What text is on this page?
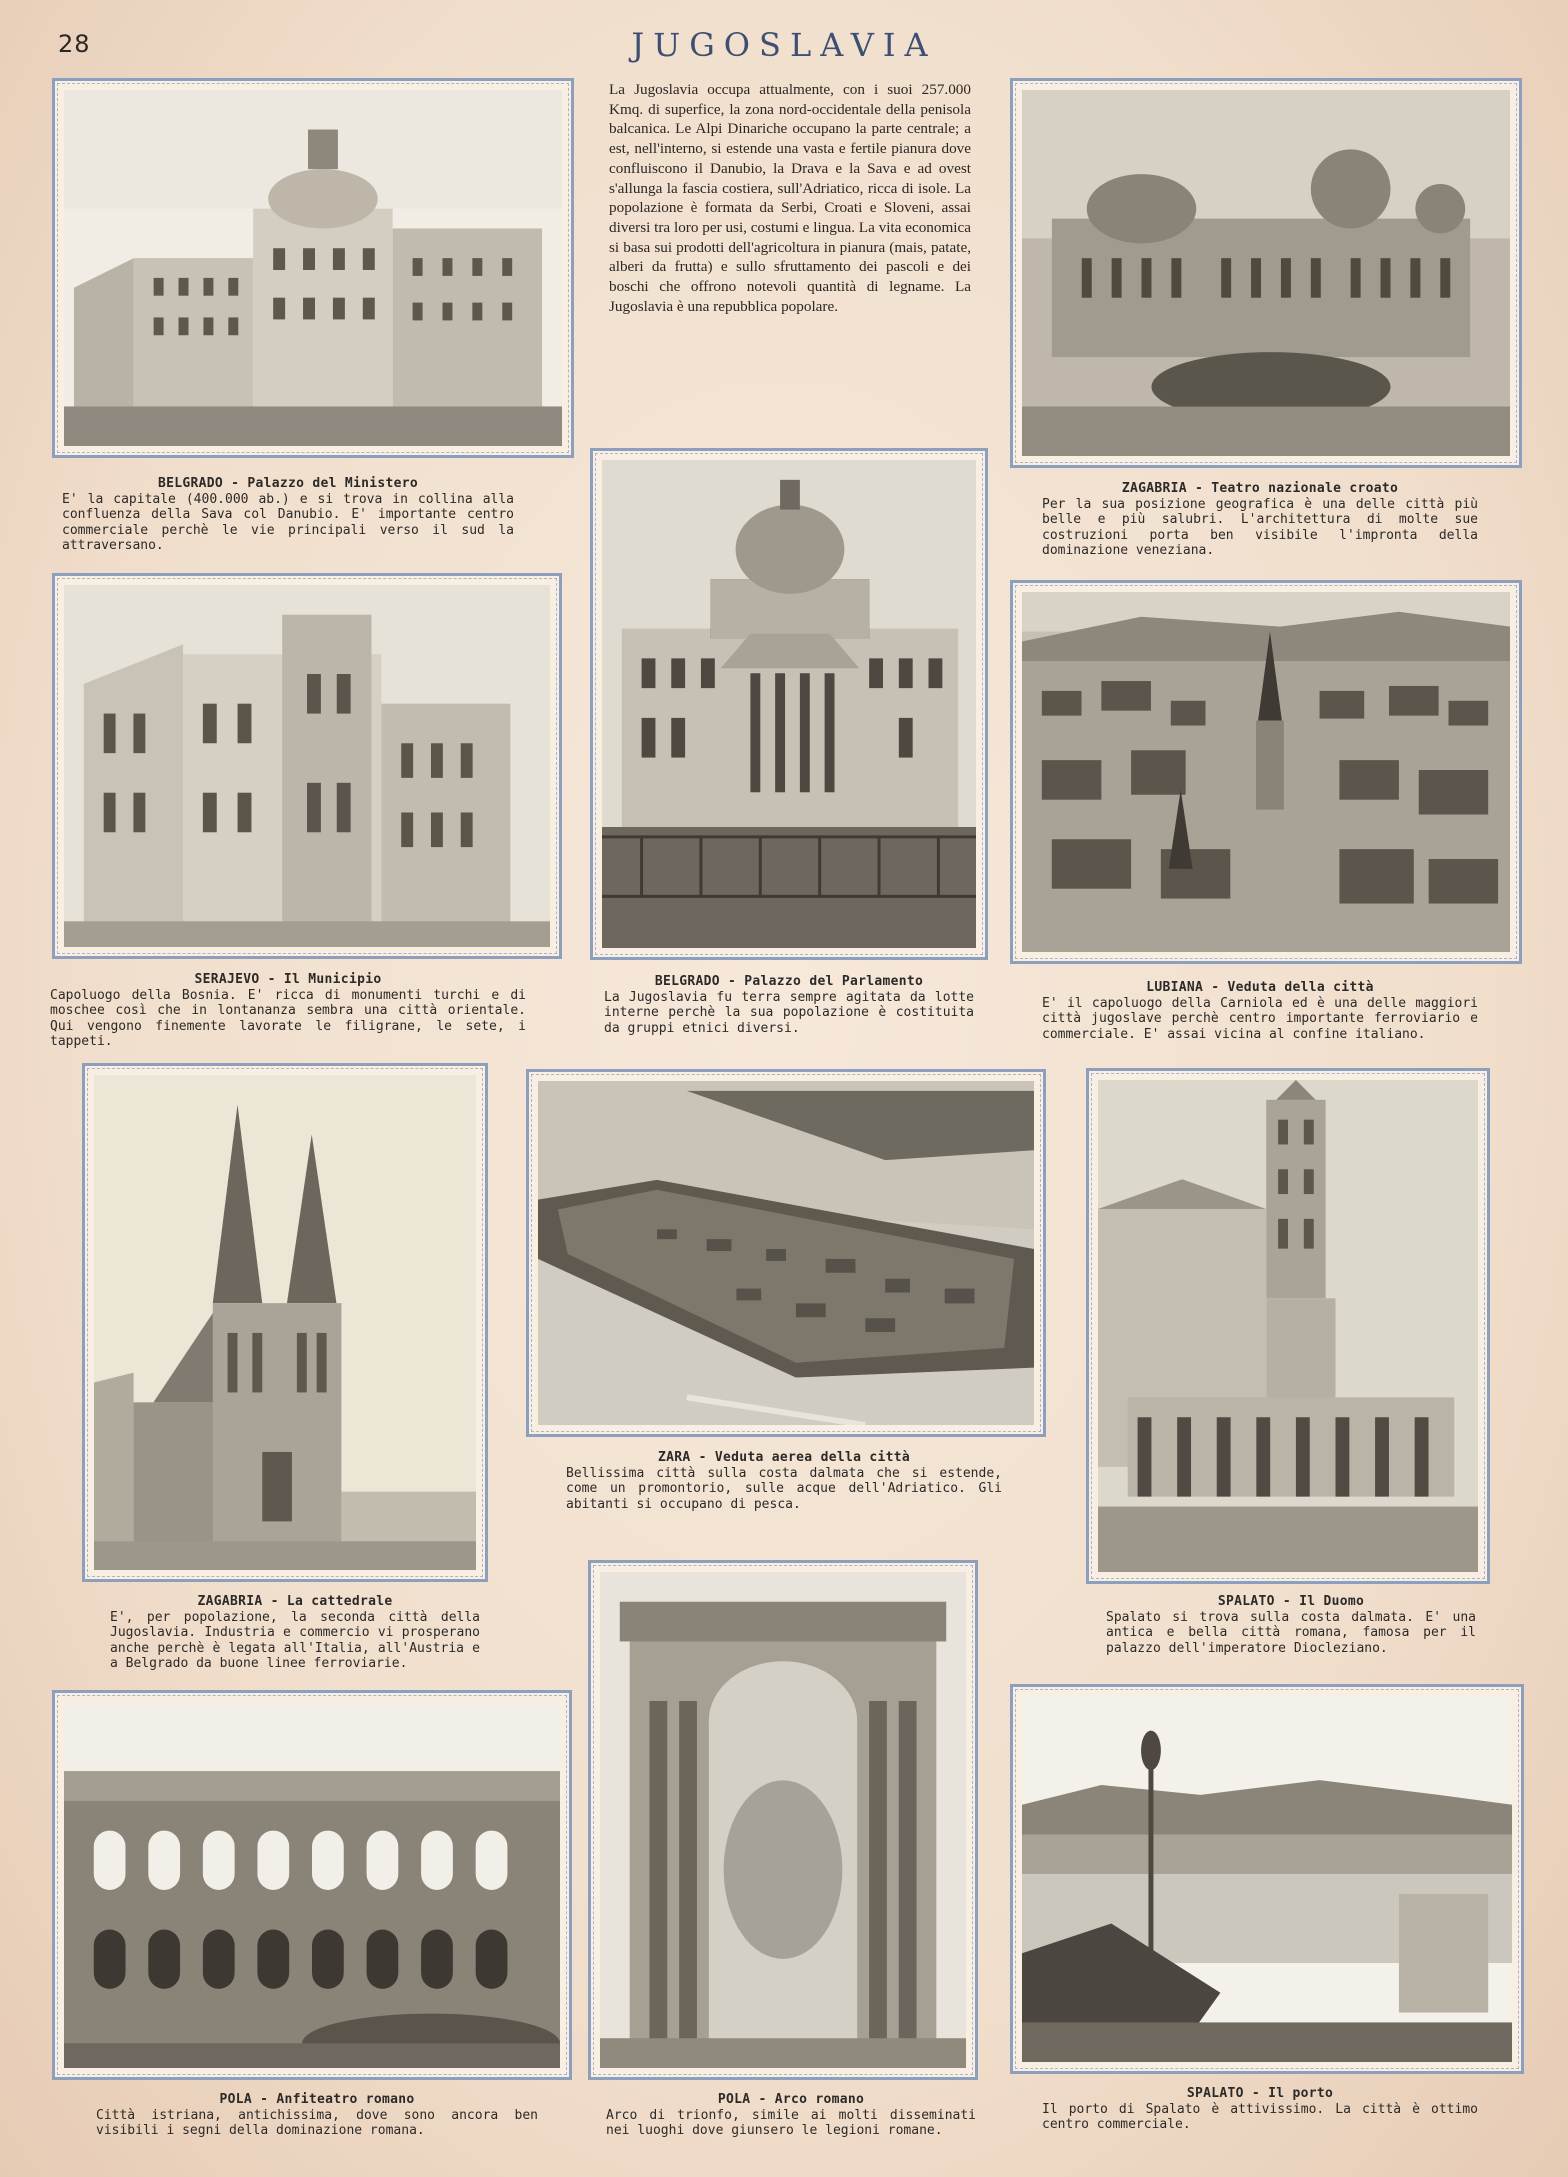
28	JUGOSLAVIA
La Jugoslavia occupa attualmente, con i suoi 257.000 Kmq. di superfice, la zona nord-occidentale della penisola balcanica. Le Alpi Dinariche occupano la parte centrale; a est, nell'interno, si estende una vasta e fertile pianura dove confluiscono il Danubio, la Drava e la Sava e ad ovest s'allunga la fascia costiera, sull'Adriatico, ricca di isole. La popolazione è formata da Serbi, Croati e Sloveni, assai diversi tra loro per usi, costumi e lingua. La vita economica si basa sui prodotti dell'agricoltura in pianura (mais, patate, alberi da frutta) e sullo sfruttamento dei pascoli e dei boschi che offrono notevoli quantità di legname. La Jugoslavia è una repubblica popolare.
BELGRADO - Palazzo del Ministero
E' la capitale (400.000 ab.) e si trova in collina alla confluenza della Sava col Danubio. E' importante centro commerciale perchè le vie principali verso il sud la attraversano.
ZAGABRIA - Teatro nazionale croato
Per la sua posizione geografica è una delle città più belle e più salubri. L'architettura di molte sue costruzioni porta ben visibile l'impronta della dominazione veneziana.
SERAJEVO - Il Municipio
Capoluogo della Bosnia. E' ricca di monumenti turchi e di moschee così che in lontananza sembra una città orientale. Qui vengono finemente lavorate le filigrane, le sete, i tappeti.
BELGRADO - Palazzo del Parlamento
La Jugoslavia fu terra sempre agitata da lotte interne perchè la sua popolazione è costituita da gruppi etnici diversi.
LUBIANA - Veduta della città
E' il capoluogo della Carniola ed è una delle maggiori città jugoslave perchè centro importante ferroviario e commerciale. E' assai vicina al confine italiano.
ZAGABRIA - La cattedrale
E', per popolazione, la seconda città della Jugoslavia. Industria e commercio vi prosperano anche perchè è legata all'Italia, all'Austria e a Belgrado da buone linee ferroviarie.
ZARA - Veduta aerea della città
Bellissima città sulla costa dalmata che si estende, come un promontorio, sulle acque dell'Adriatico. Gli abitanti si occupano di pesca.
SPALATO - Il Duomo
Spalato si trova sulla costa dalmata. E' una antica e bella città romana, famosa per il palazzo dell'imperatore Diocleziano.
POLA - Anfiteatro romano
Città istriana, antichissima, dove sono ancora ben visibili i segni della dominazione romana.
POLA - Arco romano
Arco di trionfo, simile ai molti disseminati nei luoghi dove giunsero le legioni romane.
SPALATO - Il porto
Il porto di Spalato è attivissimo. La città è ottimo centro commerciale.
